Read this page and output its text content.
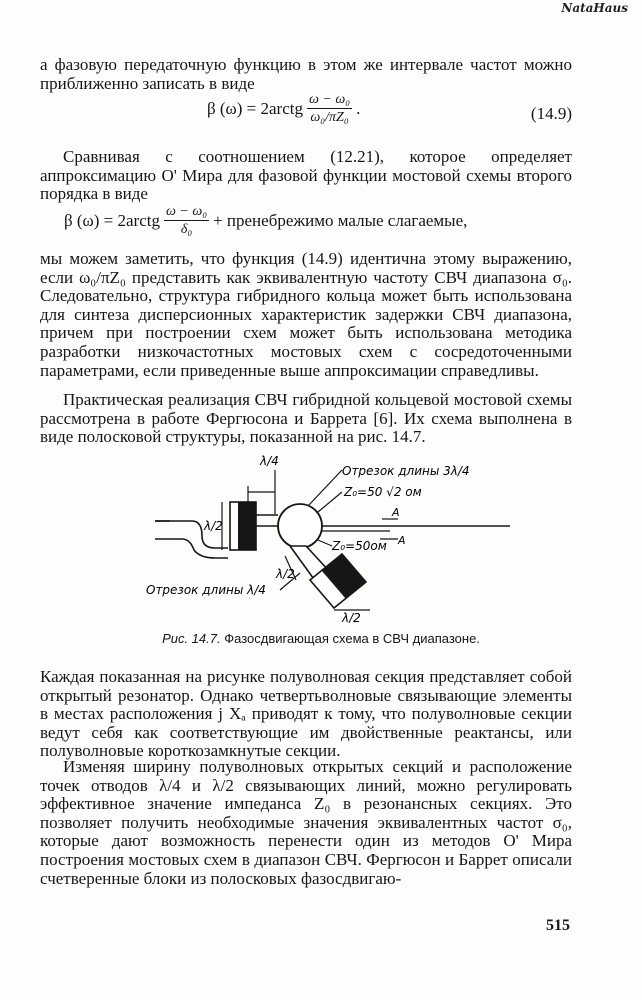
NataHaus

а фазовую передаточную функцию в этом же интервале частот можно приближенно записать в виде

β (ω) = 2arctg $\frac{\text{ω − ω₀}}{\text{ω₀/πZ₀}}$ .	(14.9)

Сравнивая с соотношением (12.21), которое определяет аппроксимацию О' Мира для фазовой функции мостовой схемы второго порядка в виде

β (ω) = 2arctg $\frac{\text{ω − ω₀}}{\text{δ₀}}$ + пренебрежимо малые слагаемые,

мы можем заметить, что функция (14.9) идентична этому выражению, если ω₀/πZ₀ представить как эквивалентную частоту СВЧ диапазона σ₀. Следовательно, структура гибридного кольца может быть использована для синтеза дисперсионных характеристик задержки СВЧ диапазона, причем при построении схем может быть использована методика разработки низкочастотных мостовых схем с сосредоточенными параметрами, если приведенные выше аппроксимации справедливы.

Практическая реализация СВЧ гибридной кольцевой мостовой схемы рассмотрена в работе Фергюсона и Баррета [6]. Их схема выполнена в виде полосковой структуры, показанной на рис. 14.7.

λ/4
λ/2
Отрезок длины 3λ/4
Z₀=50 √2 ом
A
Z₀=50ом A
λ/2
Отрезок длины λ/4
λ/2
Рис. 14.7. Фазосдвигающая схема в СВЧ диапазоне.

Каждая показанная на рисунке полуволновая секция представляет собой открытый резонатор. Однако четвертьволновые связывающие элементы в местах расположения j Xₐ приводят к тому, что полуволновые секции ведут себя как соответствующие им двойственные реактансы, или полуволновые короткозамкнутые секции.

Изменяя ширину полуволновых открытых секций и расположение точек отводов λ/4 и λ/2 связывающих линий, можно регулировать эффективное значение импеданса Z₀ в резонансных секциях. Это позволяет получить необходимые значения эквивалентных частот σ₀, которые дают возможность перенести один из методов О' Мира построения мостовых схем в диапазон СВЧ. Фергюсон и Баррет описали счетверенные блоки из полосковых фазосдвигаю-

515
